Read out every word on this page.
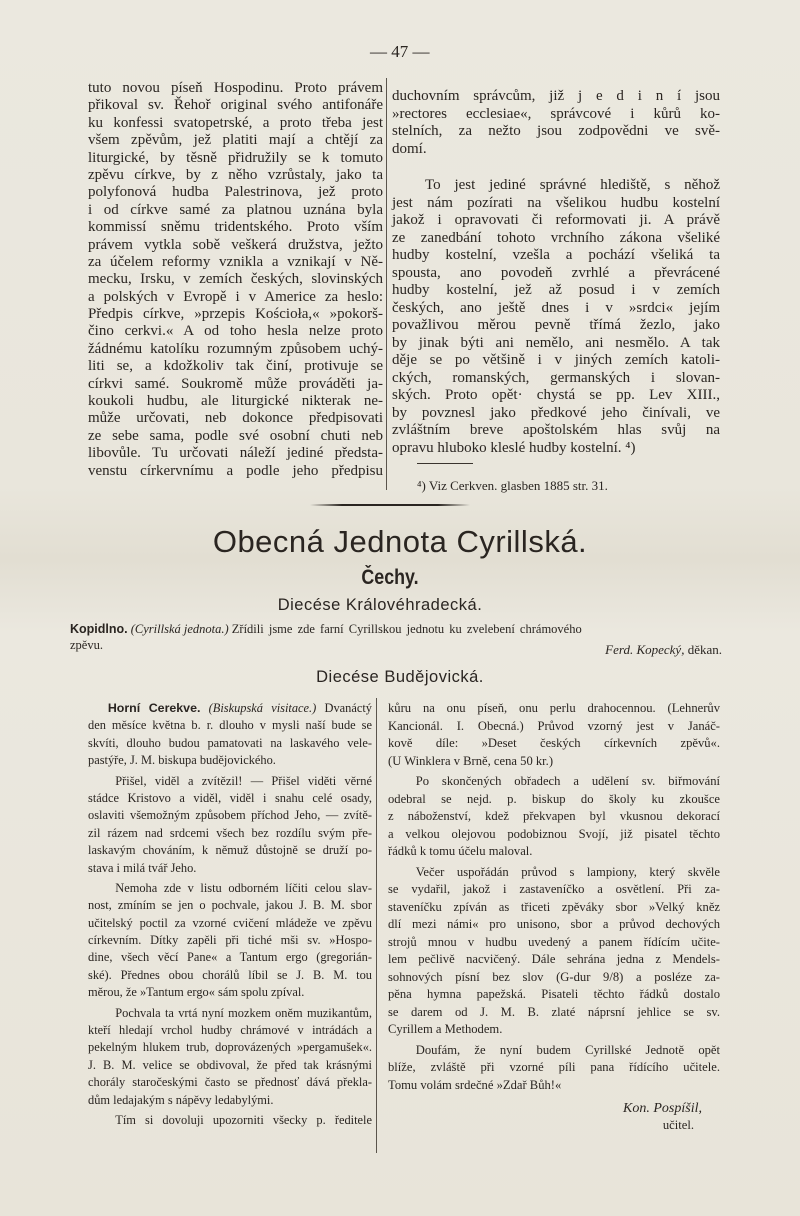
— 47 —
tuto novou píseň Hospodinu. Proto právem
přikoval sv. Řehoř original svého antifonáře
ku konfessi svatopetrské, a proto třeba jest
všem zpěvům, jež platiti mají a chtějí za
liturgické, by těsně přidružily se k tomuto
zpěvu církve, by z něho vzrůstaly, jako ta
polyfonová hudba Palestrinova, jež proto
i od církve samé za platnou uznána byla
kommissí sněmu tridentského. Proto vším
právem vytkla sobě veškerá družstva, ježto
za účelem reformy vznikla a vznikají v Ně-
mecku, Irsku, v zemích českých, slovinských
a polských v Evropě i v Americe za heslo:
Předpis církve, »przepis Kościoła,« »pokorš-
čino cerkvi.« A od toho hesla nelze proto
žádnému katolíku rozumným způsobem uchý-
liti se, a kdožkoliv tak činí, protivuje se
církvi samé. Soukromě může prováděti ja-
koukoli hudbu, ale liturgické nikterak ne-
může určovati, neb dokonce předpisovati
ze sebe sama, podle své osobní chuti neb
libovůle. Tu určovati náleží jediné předsta-
venstu církervnímu a podle jeho předpisu
duchovním správcům, již j e d i n í jsou
»rectores ecclesiae«, správcové i kůrů ko-
stelních, za nežto jsou zodpovědni ve svě-
domí.
To jest jediné správné hlediště, s něhož
jest nám pozírati na všelikou hudbu kostelní
jakož i opravovati či reformovati ji. A právě
ze zanedbání tohoto vrchního zákona všeliké
hudby kostelní, vzešla a pochází všeliká ta
spousta, ano povodeň zvrhlé a převrácené
hudby kostelní, jež až posud i v zemích
českých, ano ještě dnes i v »srdci« jejím
považlivou měrou pevně třímá žezlo, jako
by jinak býti ani nemělo, ani nesmělo. A tak
děje se po většině i v jiných zemích katoli-
ckých, romanských, germanských i slovan-
ských. Proto opět· chystá se pp. Lev XIII.,
by povznesl jako předkové jeho činívali, ve
zvláštním breve apoštolském hlas svůj na
opravu hluboko kleslé hudby kostelní. ⁴)
⁴) Viz Cerkven. glasben 1885 str. 31.
Obecná Jednota Cyrillská.
Čechy.
Diecése Královéhradecká.
Kopidlno. (Cyrillská jednota.) Zřídili jsme zde farní Cyrillskou jednotu ku zvelebení chrámového
zpěvu.	Ferd. Kopecký, děkan.
Diecése Budějovická.
Horní Cerekve. (Biskupská visitace.) Dvanáctý
den měsíce května b. r. dlouho v mysli naší bude se
skvíti, dlouho budou pamatovati na laskavého vele-
pastýře, J. M. biskupa budějovického.
Přišel, viděl a zvítězil! — Přišel viděti věrné
stádce Kristovo a viděl, viděl i snahu celé osady,
oslaviti všemožným způsobem příchod Jeho, — zvítě-
zil rázem nad srdcemi všech bez rozdílu svým pře-
laskavým chováním, k němuž důstojně se druží po-
stava i milá tvář Jeho.
Nemoha zde v listu odborném líčiti celou slav-
nost, zmíním se jen o pochvale, jakou J. B. M. sbor
učitelský poctil za vzorné cvičení mládeže ve zpěvu
církevním. Dítky zapěli při tiché mši sv. »Hospo-
dine, všech věcí Pane« a Tantum ergo (gregorián-
ské). Přednes obou chorálů líbil se J. B. M. tou
měrou, že »Tantum ergo« sám spolu zpíval.
Pochvala ta vrtá nyní mozkem oněm muzikantům,
kteří hledají vrchol hudby chrámové v intrádách a
pekelným hlukem trub, doprovázených »pergamušek«.
J. B. M. velice se obdivoval, že před tak krásnými
chorály staročeskými často se přednosť dává překla-
dům ledajakým s nápěvy ledabylými.
Tím si dovoluji upozorniti všecky p. ředitele
kůru na onu píseň, onu perlu drahocennou. (Lehnerův
Kancionál. I. Obecná.) Průvod vzorný jest v Janáč-
kově díle: »Deset českých církevních zpěvů«.
(U Winklera v Brně, cena 50 kr.)
Po skončených obřadech a udělení sv. biřmování
odebral se nejd. p. biskup do školy ku zkoušce
z náboženství, kdež překvapen byl vkusnou dekorací
a velkou olejovou podobiznou Svojí, již pisatel těchto
řádků k tomu účelu maloval.
Večer uspořádán průvod s lampiony, který skvěle
se vydařil, jakož i zastaveníčko a osvětlení. Při za-
staveníčku zpíván as třiceti zpěváky sbor »Velký kněz
dlí mezi námi« pro unisono, sbor a průvod dechových
strojů mnou v hudbu uvedený a panem řídícím učite-
lem pečlivě nacvičený. Dále sehrána jedna z Mendels-
sohnových písní bez slov (G-dur 9/8) a posléze za-
pěna hymna papežská. Pisateli těchto řádků dostalo
se darem od J. M. B. zlaté náprsní jehlice se sv.
Cyrillem a Methodem.
Doufám, že nyní budem Cyrillské Jednotě opět
blíže, zvláště při vzorné píli pana řídícího učitele.
Tomu volám srdečné »Zdař Bůh!«
Kon. Pospíšil,
učitel.
